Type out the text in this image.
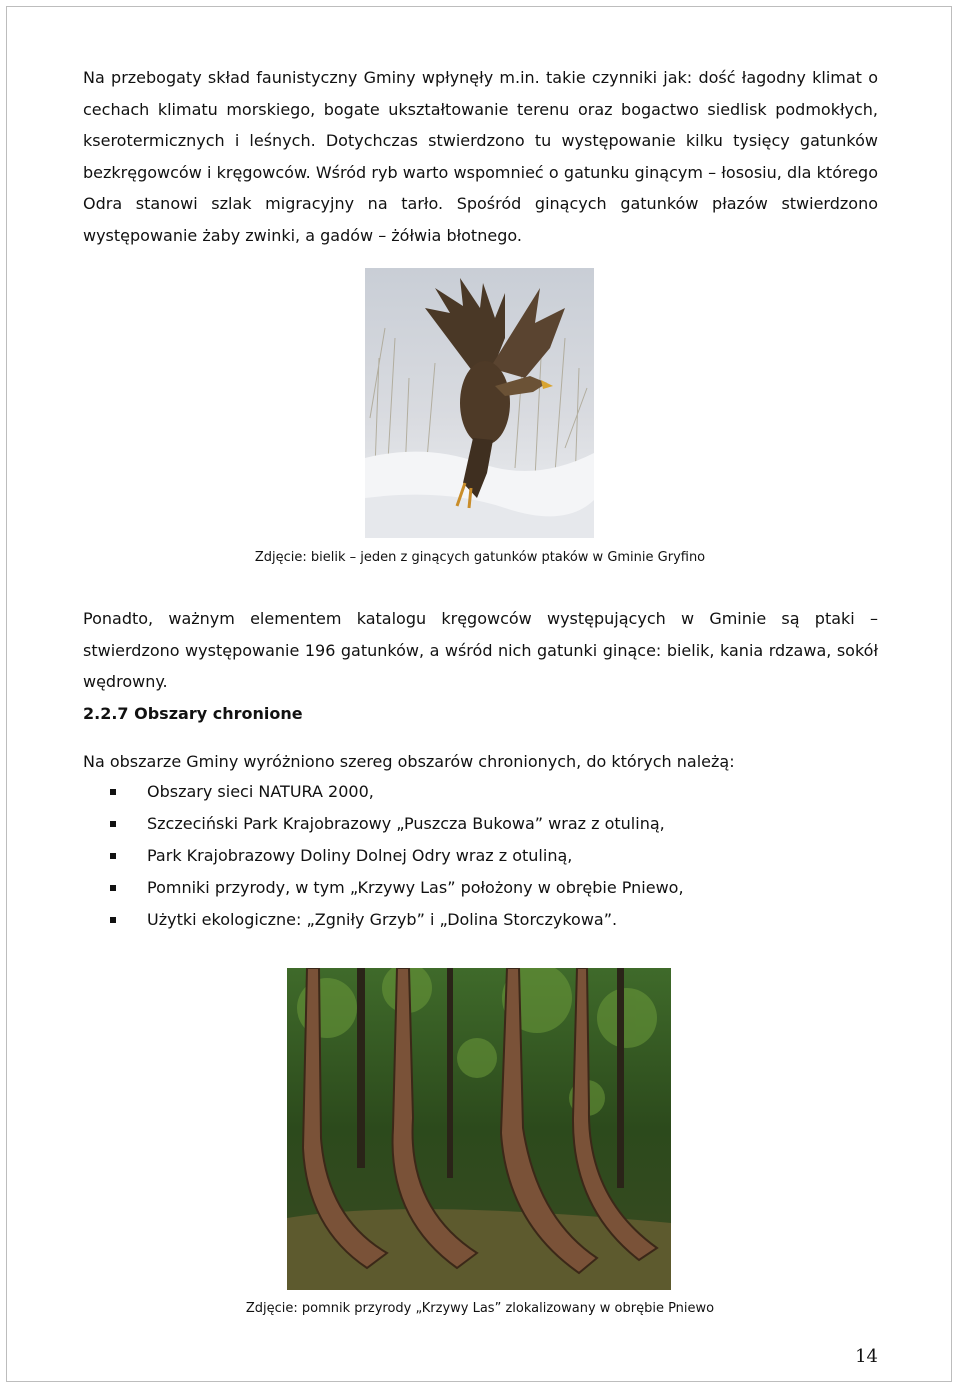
Na przebogaty skład faunistyczny Gminy wpłynęły m.in. takie czynniki jak: dość łagodny klimat o cechach klimatu morskiego, bogate ukształtowanie terenu oraz bogactwo siedlisk podmokłych, kserotermicznych i leśnych. Dotychczas stwierdzono tu występowanie kilku tysięcy gatunków bezkręgowców i kręgowców. Wśród ryb warto wspomnieć o gatunku ginącym – łososiu, dla którego Odra stanowi szlak migracyjny na tarło. Spośród ginących gatunków płazów stwierdzono występowanie żaby zwinki, a gadów – żółwia błotnego.

Zdjęcie: bielik – jeden z ginących gatunków ptaków w Gminie Gryfino

Ponadto, ważnym elementem katalogu kręgowców występujących w Gminie są ptaki – stwierdzono występowanie 196 gatunków, a wśród nich gatunki ginące: bielik, kania rdzawa, sokół wędrowny.

2.2.7 Obszary chronione

Na obszarze Gminy wyróżniono szereg obszarów chronionych, do których należą:

Obszary sieci NATURA 2000,
Szczeciński Park Krajobrazowy „Puszcza Bukowa” wraz z otuliną,
Park Krajobrazowy Doliny Dolnej Odry wraz z otuliną,
Pomniki przyrody, w tym „Krzywy Las” położony w obrębie Pniewo,
Użytki ekologiczne: „Zgniły Grzyb” i „Dolina Storczykowa”.

Zdjęcie: pomnik przyrody „Krzywy Las” zlokalizowany w obrębie Pniewo

14
